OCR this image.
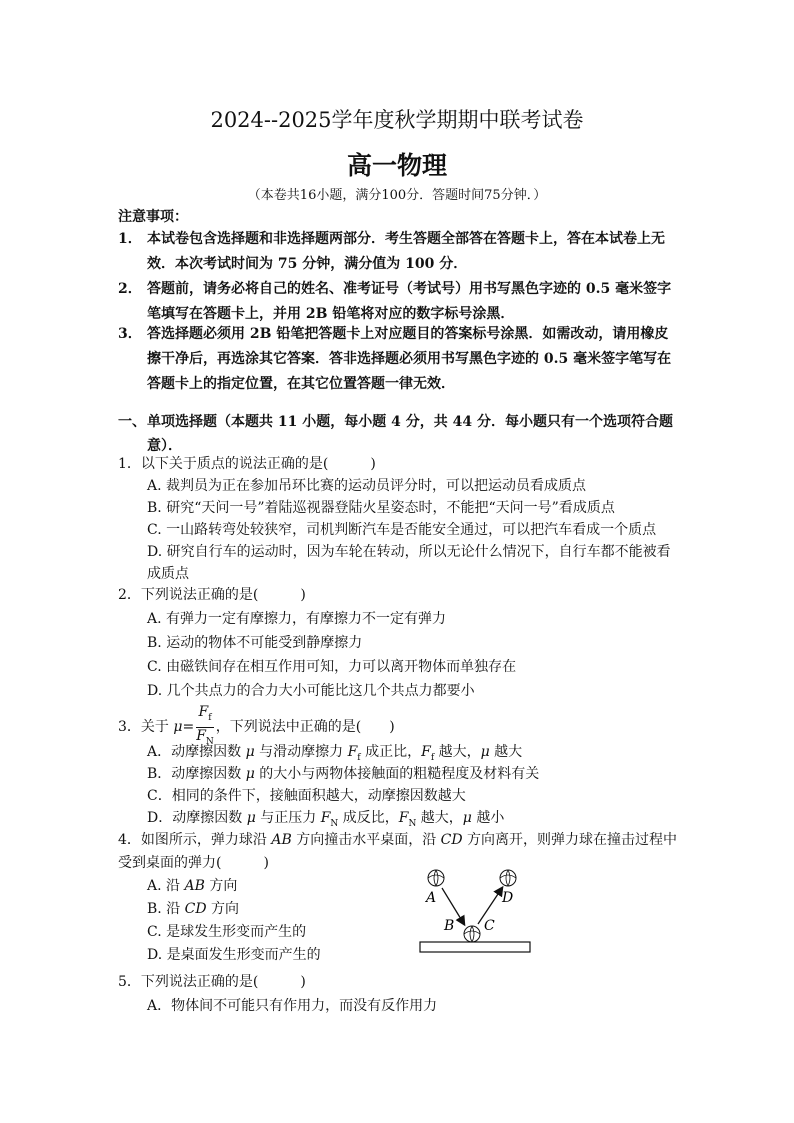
2024--2025学年度秋学期期中联考试卷
高一物理
（本卷共16小题，满分100分．答题时间75分钟．）
注意事项：
1． 本试卷包含选择题和非选择题两部分．考生答题全部答在答题卡上，答在本试卷上无效．本次考试时间为 75 分钟，满分值为 100 分．
2． 答题前，请务必将自己的姓名、准考证号（考试号）用书写黑色字迹的 0.5 毫米签字笔填写在答题卡上，并用 2B 铅笔将对应的数字标号涂黑．
3． 答选择题必须用 2B 铅笔把答题卡上对应题目的答案标号涂黑．如需改动，请用橡皮擦干净后，再选涂其它答案．答非选择题必须用书写黑色字迹的 0.5 毫米签字笔写在答题卡上的指定位置，在其它位置答题一律无效．
一、 单项选择题（本题共 11 小题，每小题 4 分，共 44 分．每小题只有一个选项符合题意）．
1．以下关于质点的说法正确的是(　　　)
A. 裁判员为正在参加吊环比赛的运动员评分时，可以把运动员看成质点
B. 研究“天问一号”着陆巡视器登陆火星姿态时，不能把“天问一号”看成质点
C. 一山路转弯处较狭窄，司机判断汽车是否能安全通过，可以把汽车看成一个质点
D. 研究自行车的运动时，因为车轮在转动，所以无论什么情况下，自行车都不能被看成质点
2．下列说法正确的是(　　　)
A. 有弹力一定有摩擦力，有摩擦力不一定有弹力
B. 运动的物体不可能受到静摩擦力
C. 由磁铁间存在相互作用可知，力可以离开物体而单独存在
D. 几个共点力的合力大小可能比这几个共点力都要小
3．关于 $\mu= \frac{F_f}{F_N}$ ，下列说法中正确的是(　　)
A．动摩擦因数 μ 与滑动摩擦力 $F_f$ 成正比，$F_f$ 越大，μ 越大
B．动摩擦因数 μ 的大小与两物体接触面的粗糙程度及材料有关
C．相同的条件下，接触面积越大，动摩擦因数越大
D．动摩擦因数 μ 与正压力 $F_N$ 成反比，$F_N$ 越大，μ 越小
4．如图所示，弹力球沿 AB 方向撞击水平桌面，沿 CD 方向离开，则弹力球在撞击过程中受到桌面的弹力(　　　)
A. 沿 AB 方向
B. 沿 CD 方向
C. 是球发生形变而产生的
D. 是桌面发生形变而产生的
A
B C
D
5．下列说法正确的是(　　　)
A．物体间不可能只有作用力，而没有反作用力
